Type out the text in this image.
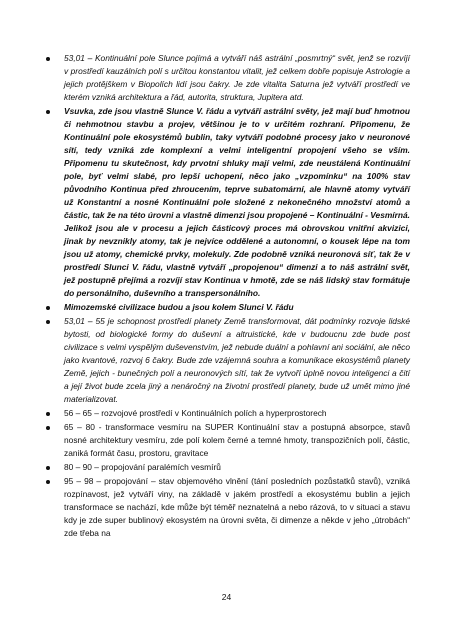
53,01 – Kontinuální pole Slunce pojímá a vytváří náš astrální „posmrtný“ svět, jenž se rozvíjí v prostředí kauzálních polí s určitou konstantou vitalit, jež celkem dobře popisuje Astrologie a jejich protějškem v Biopolích lidí jsou čakry. Je zde vitalita Saturna jež vytváří prostředí ve kterém vzniká architektura a řád, autorita, struktura, Jupitera atd.
Vsuvka, zde jsou vlastně Slunce V. řádu a vytváří astrální světy, jež mají buď hmotnou či nehmotnou stavbu a projev, většinou je to v určitém rozhraní. Připomenu, že Kontinuální pole ekosystémů bublin, taky vytváří podobné procesy jako v neuronové sítí, tedy vzniká zde komplexní a velmi inteligentní propojení všeho se vším. Připomenu tu skutečnost, kdy prvotní shluky mají velmi, zde neustálená Kontinuální pole, byť velmi slabé, pro lepší uchopení, něco jako „vzpomínku“ na 100% stav původního Kontinua před zhroucením, teprve subatomární, ale hlavně atomy vytváří už Konstantní a nosné Kontinuální pole složené z nekonečného množství atomů a částic, tak že na této úrovni a vlastně dimenzi jsou propojené – Kontinuální - Vesmírná. Jelikož jsou ale v procesu a jejich částicový proces má obrovskou vnitřní akvizici, jinak by nevznikly atomy, tak je nejvíce oddělené a autonomní, o kousek lépe na tom jsou už atomy, chemické prvky, molekuly. Zde podobně vzniká neuronová síť, tak že v prostředí Slunci V. řádu, vlastně vytváří „propojenou“ dimenzi a to náš astrální svět, jež postupně přejímá a rozvíjí stav Kontinua v hmotě, zde se náš lidský stav formátuje do personálního, duševního a transpersonálního.
Mimozemské civilizace budou a jsou kolem Slunci V. řádu
53,01 – 55 je schopnost prostředí planety Země transformovat, dát podmínky rozvoje lidské bytosti, od biologické formy do duševní a altruistické, kde v budoucnu zde bude post civilizace s velmi vyspělým duševenstvím, jež nebude duální a pohlavní ani sociální, ale něco jako kvantové, rozvoj 6 čakry. Bude zde vzájemná souhra a komunikace ekosystémů planety Země, jejich - bunečných polí a neuronových sítí, tak že vytvoří úplně novou inteligenci a čití a její život bude zcela jiný a nenáročný na životní prostředí planety, bude už umět mimo jiné materializovat.
56 – 65 – rozvojové prostředí v Kontinuálních polích a hyperprostorech
65 – 80 - transformace vesmíru na SUPER Kontinuální stav a postupná absorpce, stavů nosné architektury vesmíru, zde polí kolem černé a temné hmoty, transpozičních polí, částic, zaniká formát času, prostoru, gravitace
80 – 90 – propojování paralémích vesmírů
95 – 98 – propojování – stav objemového vlnění (tání posledních pozůstatků stavů), vzniká rozpínavost, jež vytváří viny, na základě v jakém prostředí a ekosystému bublin a jejich transformace se nachází, kde může být téměř neznatelná a nebo rázová, to v situaci a stavu kdy je zde super bublinový ekosystém na úrovni světa, či dimenze a někde v jeho „útrobách“ zde třeba na
24
